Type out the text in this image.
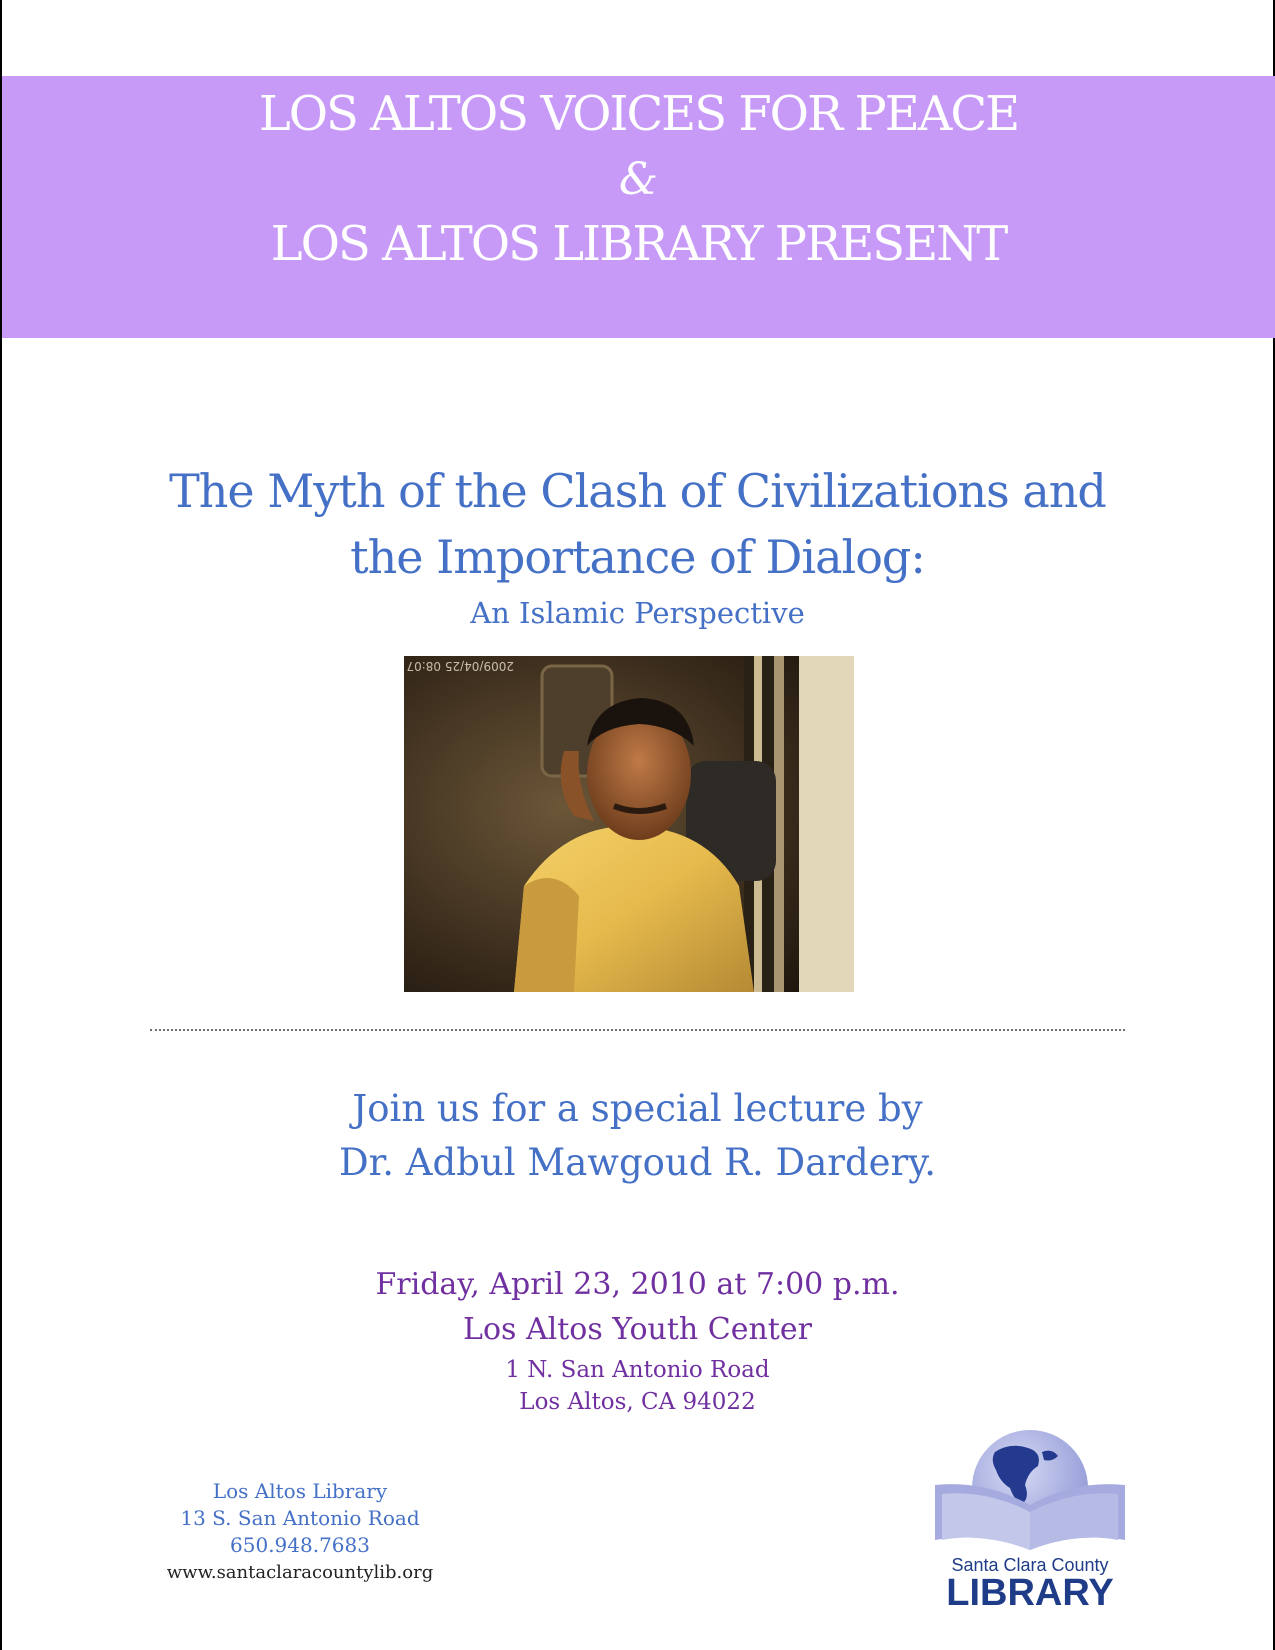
LOS ALTOS VOICES FOR PEACE
&
LOS ALTOS LIBRARY PRESENT
The Myth of the Clash of Civilizations and
the Importance of Dialog:
An Islamic Perspective
2009/04/25 08:07
Join us for a special lecture by
Dr. Adbul Mawgoud R. Dardery.
Friday, April 23, 2010 at 7:00 p.m.
Los Altos Youth Center
1 N. San Antonio Road
Los Altos, CA 94022
Los Altos Library
13 S. San Antonio Road
650.948.7683
www.santaclaracountylib.org	Santa Clara County
LIBRARY
